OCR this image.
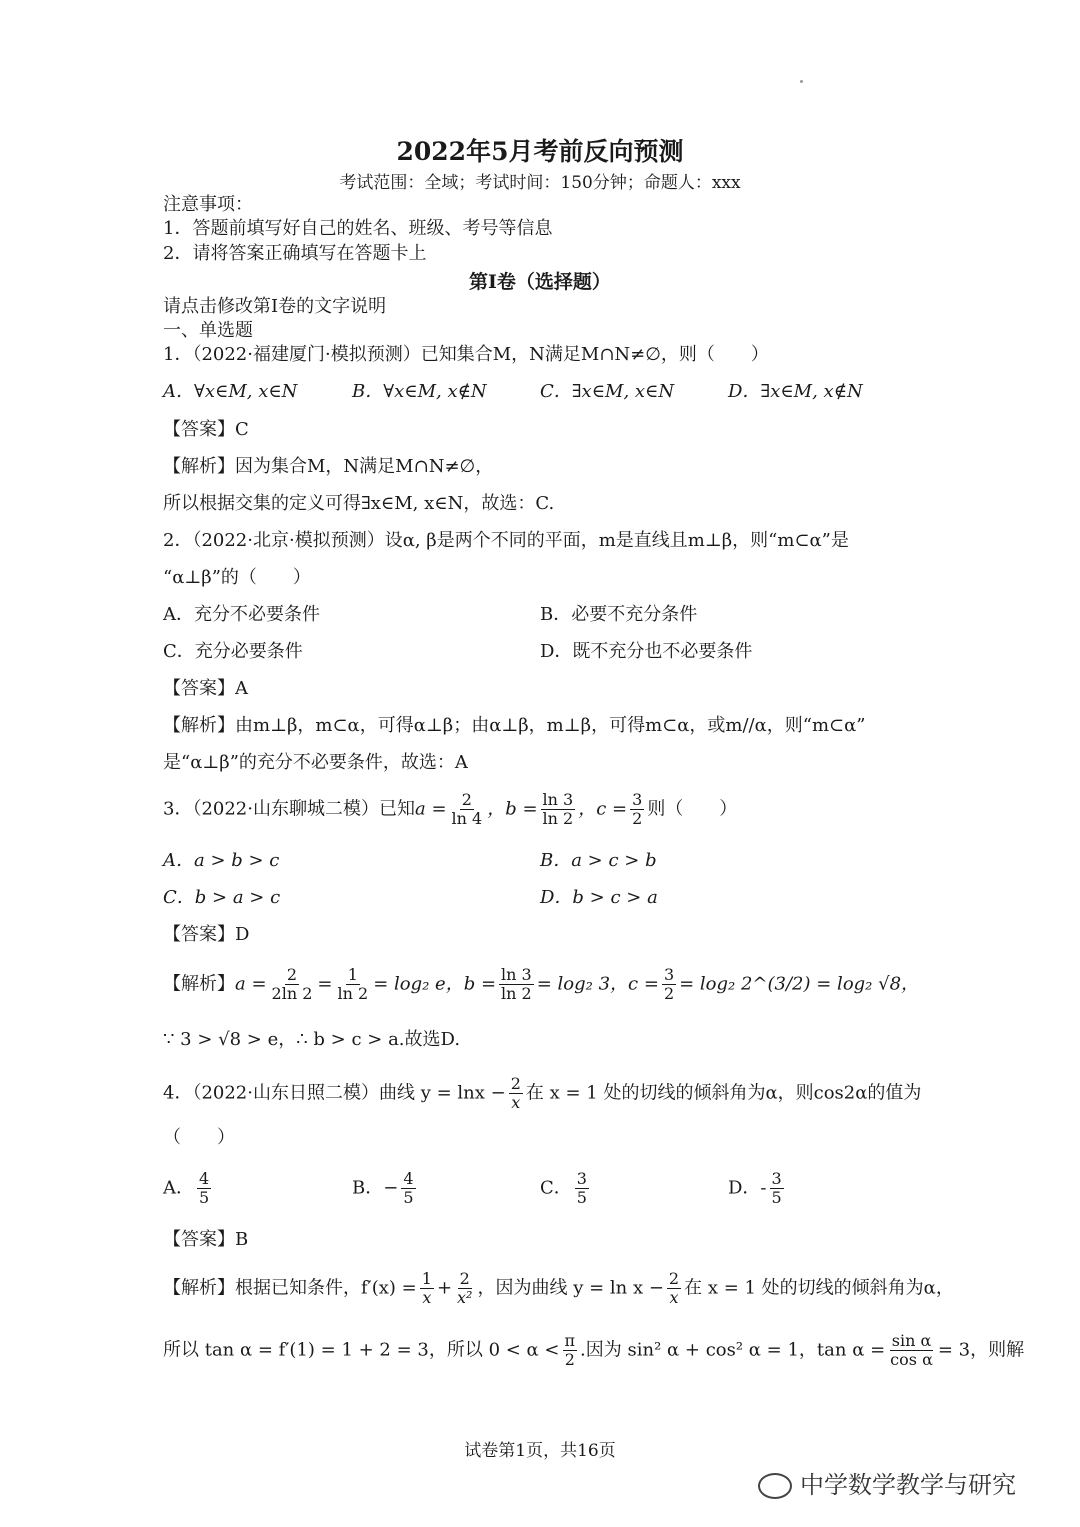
2022年5月考前反向预测
考试范围：全域；考试时间：150分钟；命题人：xxx
注意事项：
1．答题前填写好自己的姓名、班级、考号等信息
2．请将答案正确填写在答题卡上
第I卷（选择题）
请点击修改第I卷的文字说明
一、单选题
1．（2022·福建厦门·模拟预测）已知集合M，N满足M∩N≠∅，则（　　）
A．∀x∈M, x∈N	B．∀x∈M, x∉N	C．∃x∈M, x∈N	D．∃x∈M, x∉N
【答案】C
【解析】因为集合M，N满足M∩N≠∅，
所以根据交集的定义可得∃x∈M, x∈N，故选：C.
2．（2022·北京·模拟预测）设α, β是两个不同的平面，m是直线且m⊥β，则“m⊂α”是
“α⊥β”的（　　）
A．充分不必要条件	B．必要不充分条件
C．充分必要条件	D．既不充分也不必要条件
【答案】A
【解析】由m⊥β，m⊂α，可得α⊥β；由α⊥β，m⊥β，可得m⊂α，或m//α，则“m⊂α”
是“α⊥β”的充分不必要条件，故选：A
3．（2022·山东聊城二模）已知$a = \frac{2}{\ln 4}$ ，$b = \frac{\ln 3}{\ln 2}$ ，$c = \frac{3}{2}$ 则（　　）
A．a > b > c	B．a > c > b
C．b > a > c	D．b > c > a
【答案】D
【解析】$a = \frac{2}{2\ln 2} = \frac{1}{\ln 2} = \log_2$ e，$b = \frac{\ln 3}{\ln 2} = \log_2$ 3，$c = \frac{3}{2} = \log_2$ 2^(3/2) = log₂ √8，
∵ 3 > √8 > e，∴ b > c > a.故选D.
4．（2022·山东日照二模）曲线 $y = \ln x - \frac{2}{x}$ 在 x = 1 处的切线的倾斜角为α，则cos2α的值为
（　　）
A． $\frac{4}{5}$	B．− $\frac{4}{5}$	C． $\frac{3}{5}$	D．- $\frac{3}{5}$
【答案】B
【解析】根据已知条件，$f'(x) = \frac{1}{x} + \frac{2}{\text{x²}}$ ，因为曲线 $y = \ln x - \frac{2}{x}$ 在 x = 1 处的切线的倾斜角为α，
所以 tan α = f′(1) = 1 + 2 = 3，所以 $0 < \alpha < \frac{\pi}{2}$ .因为 sin² α + cos² α = 1，$\tan \alpha = \frac{\text{sin α}}{\text{cos α}} = 3$，则解
试卷第1页，共16页
中学数学教学与研究
